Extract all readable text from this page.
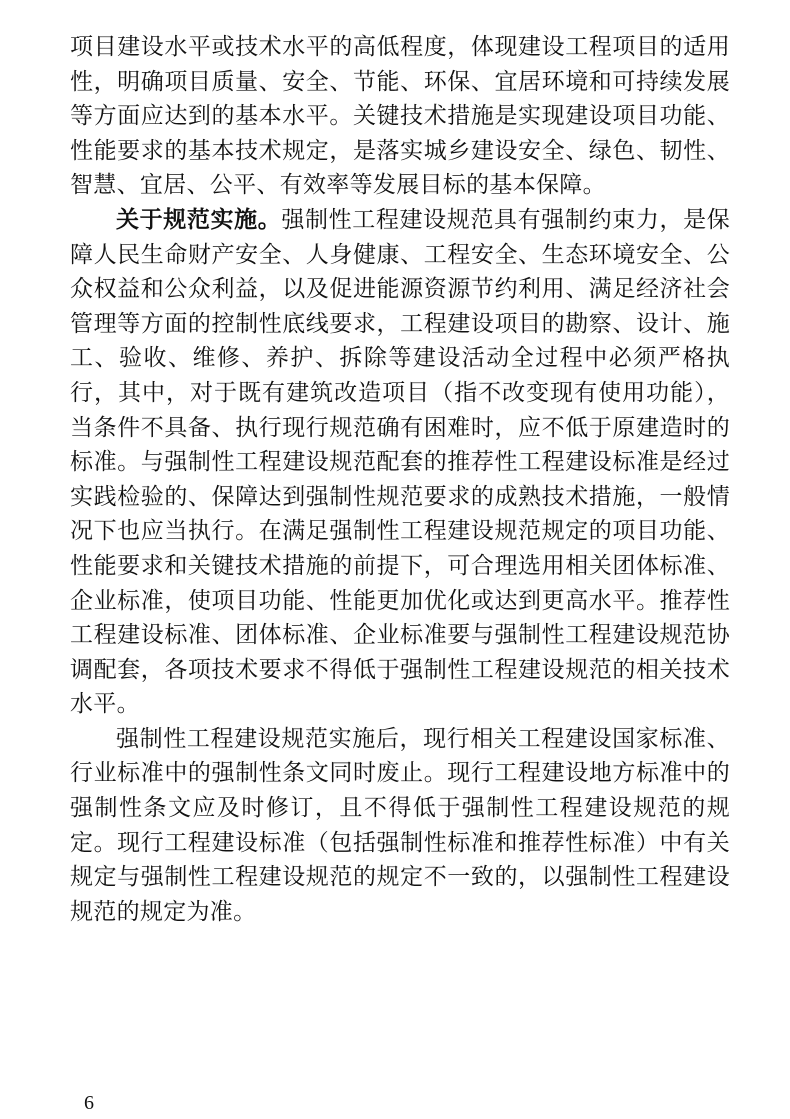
项目建设水平或技术水平的高低程度，体现建设工程项目的适用性，明确项目质量、安全、节能、环保、宜居环境和可持续发展等方面应达到的基本水平。关键技术措施是实现建设项目功能、性能要求的基本技术规定，是落实城乡建设安全、绿色、韧性、智慧、宜居、公平、有效率等发展目标的基本保障。

关于规范实施。强制性工程建设规范具有强制约束力，是保障人民生命财产安全、人身健康、工程安全、生态环境安全、公众权益和公众利益，以及促进能源资源节约利用、满足经济社会管理等方面的控制性底线要求，工程建设项目的勘察、设计、施工、验收、维修、养护、拆除等建设活动全过程中必须严格执行，其中，对于既有建筑改造项目（指不改变现有使用功能），当条件不具备、执行现行规范确有困难时，应不低于原建造时的标准。与强制性工程建设规范配套的推荐性工程建设标准是经过实践检验的、保障达到强制性规范要求的成熟技术措施，一般情况下也应当执行。在满足强制性工程建设规范规定的项目功能、性能要求和关键技术措施的前提下，可合理选用相关团体标准、企业标准，使项目功能、性能更加优化或达到更高水平。推荐性工程建设标准、团体标准、企业标准要与强制性工程建设规范协调配套，各项技术要求不得低于强制性工程建设规范的相关技术水平。

强制性工程建设规范实施后，现行相关工程建设国家标准、行业标准中的强制性条文同时废止。现行工程建设地方标准中的强制性条文应及时修订，且不得低于强制性工程建设规范的规定。现行工程建设标准（包括强制性标准和推荐性标准）中有关规定与强制性工程建设规范的规定不一致的，以强制性工程建设规范的规定为准。

6
